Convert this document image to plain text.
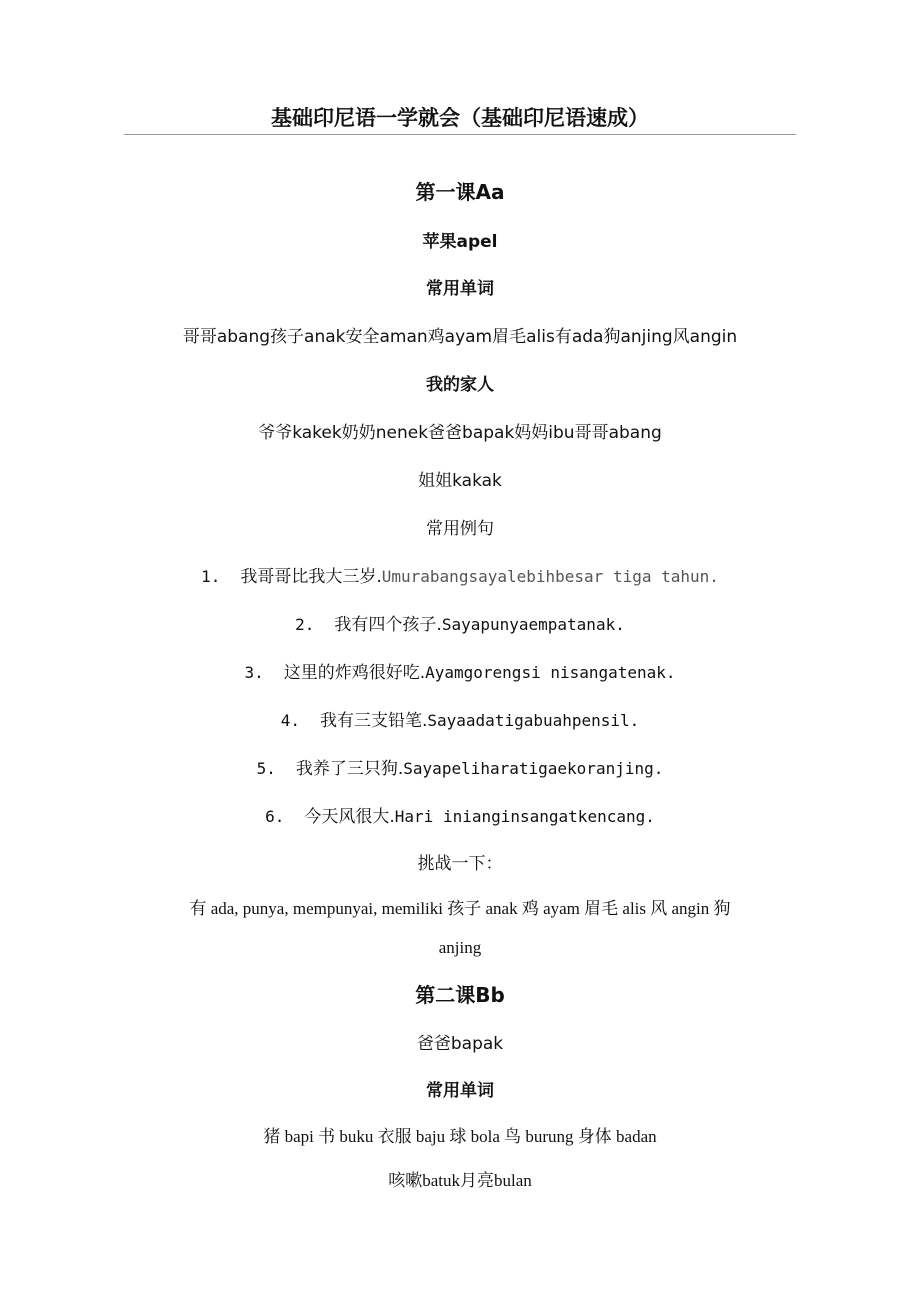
基础印尼语一学就会（基础印尼语速成）
第一课Aa
苹果apel
常用单词
哥哥abang孩子anak安全aman鸡ayam眉毛alis有ada狗anjing风angin
我的家人
爷爷kakek奶奶nenek爸爸bapak妈妈ibu哥哥abang
姐姐kakak
常用例句
1. 我哥哥比我大三岁.Umurabangsayalebihbesar tiga tahun.
2. 我有四个孩子.Sayapunyaempatanak.
3. 这里的炸鸡很好吃.Ayamgorengsi nisangatenak.
4. 我有三支铅笔.Sayaadatigabuahpensil.
5. 我养了三只狗.Sayapeliharatigaekoranjing.
6. 今天风很大.Hari inianginsangatkencang.
挑战一下：
有 ada, punya, mempunyai, memiliki 孩子 anak 鸡 ayam 眉毛 alis 风 angin 狗
anjing
第二课Bb
爸爸bapak
常用单词
猪 bapi 书 buku 衣服 baju 球 bola 鸟 burung 身体 badan
咳嗽batuk月亮bulan
